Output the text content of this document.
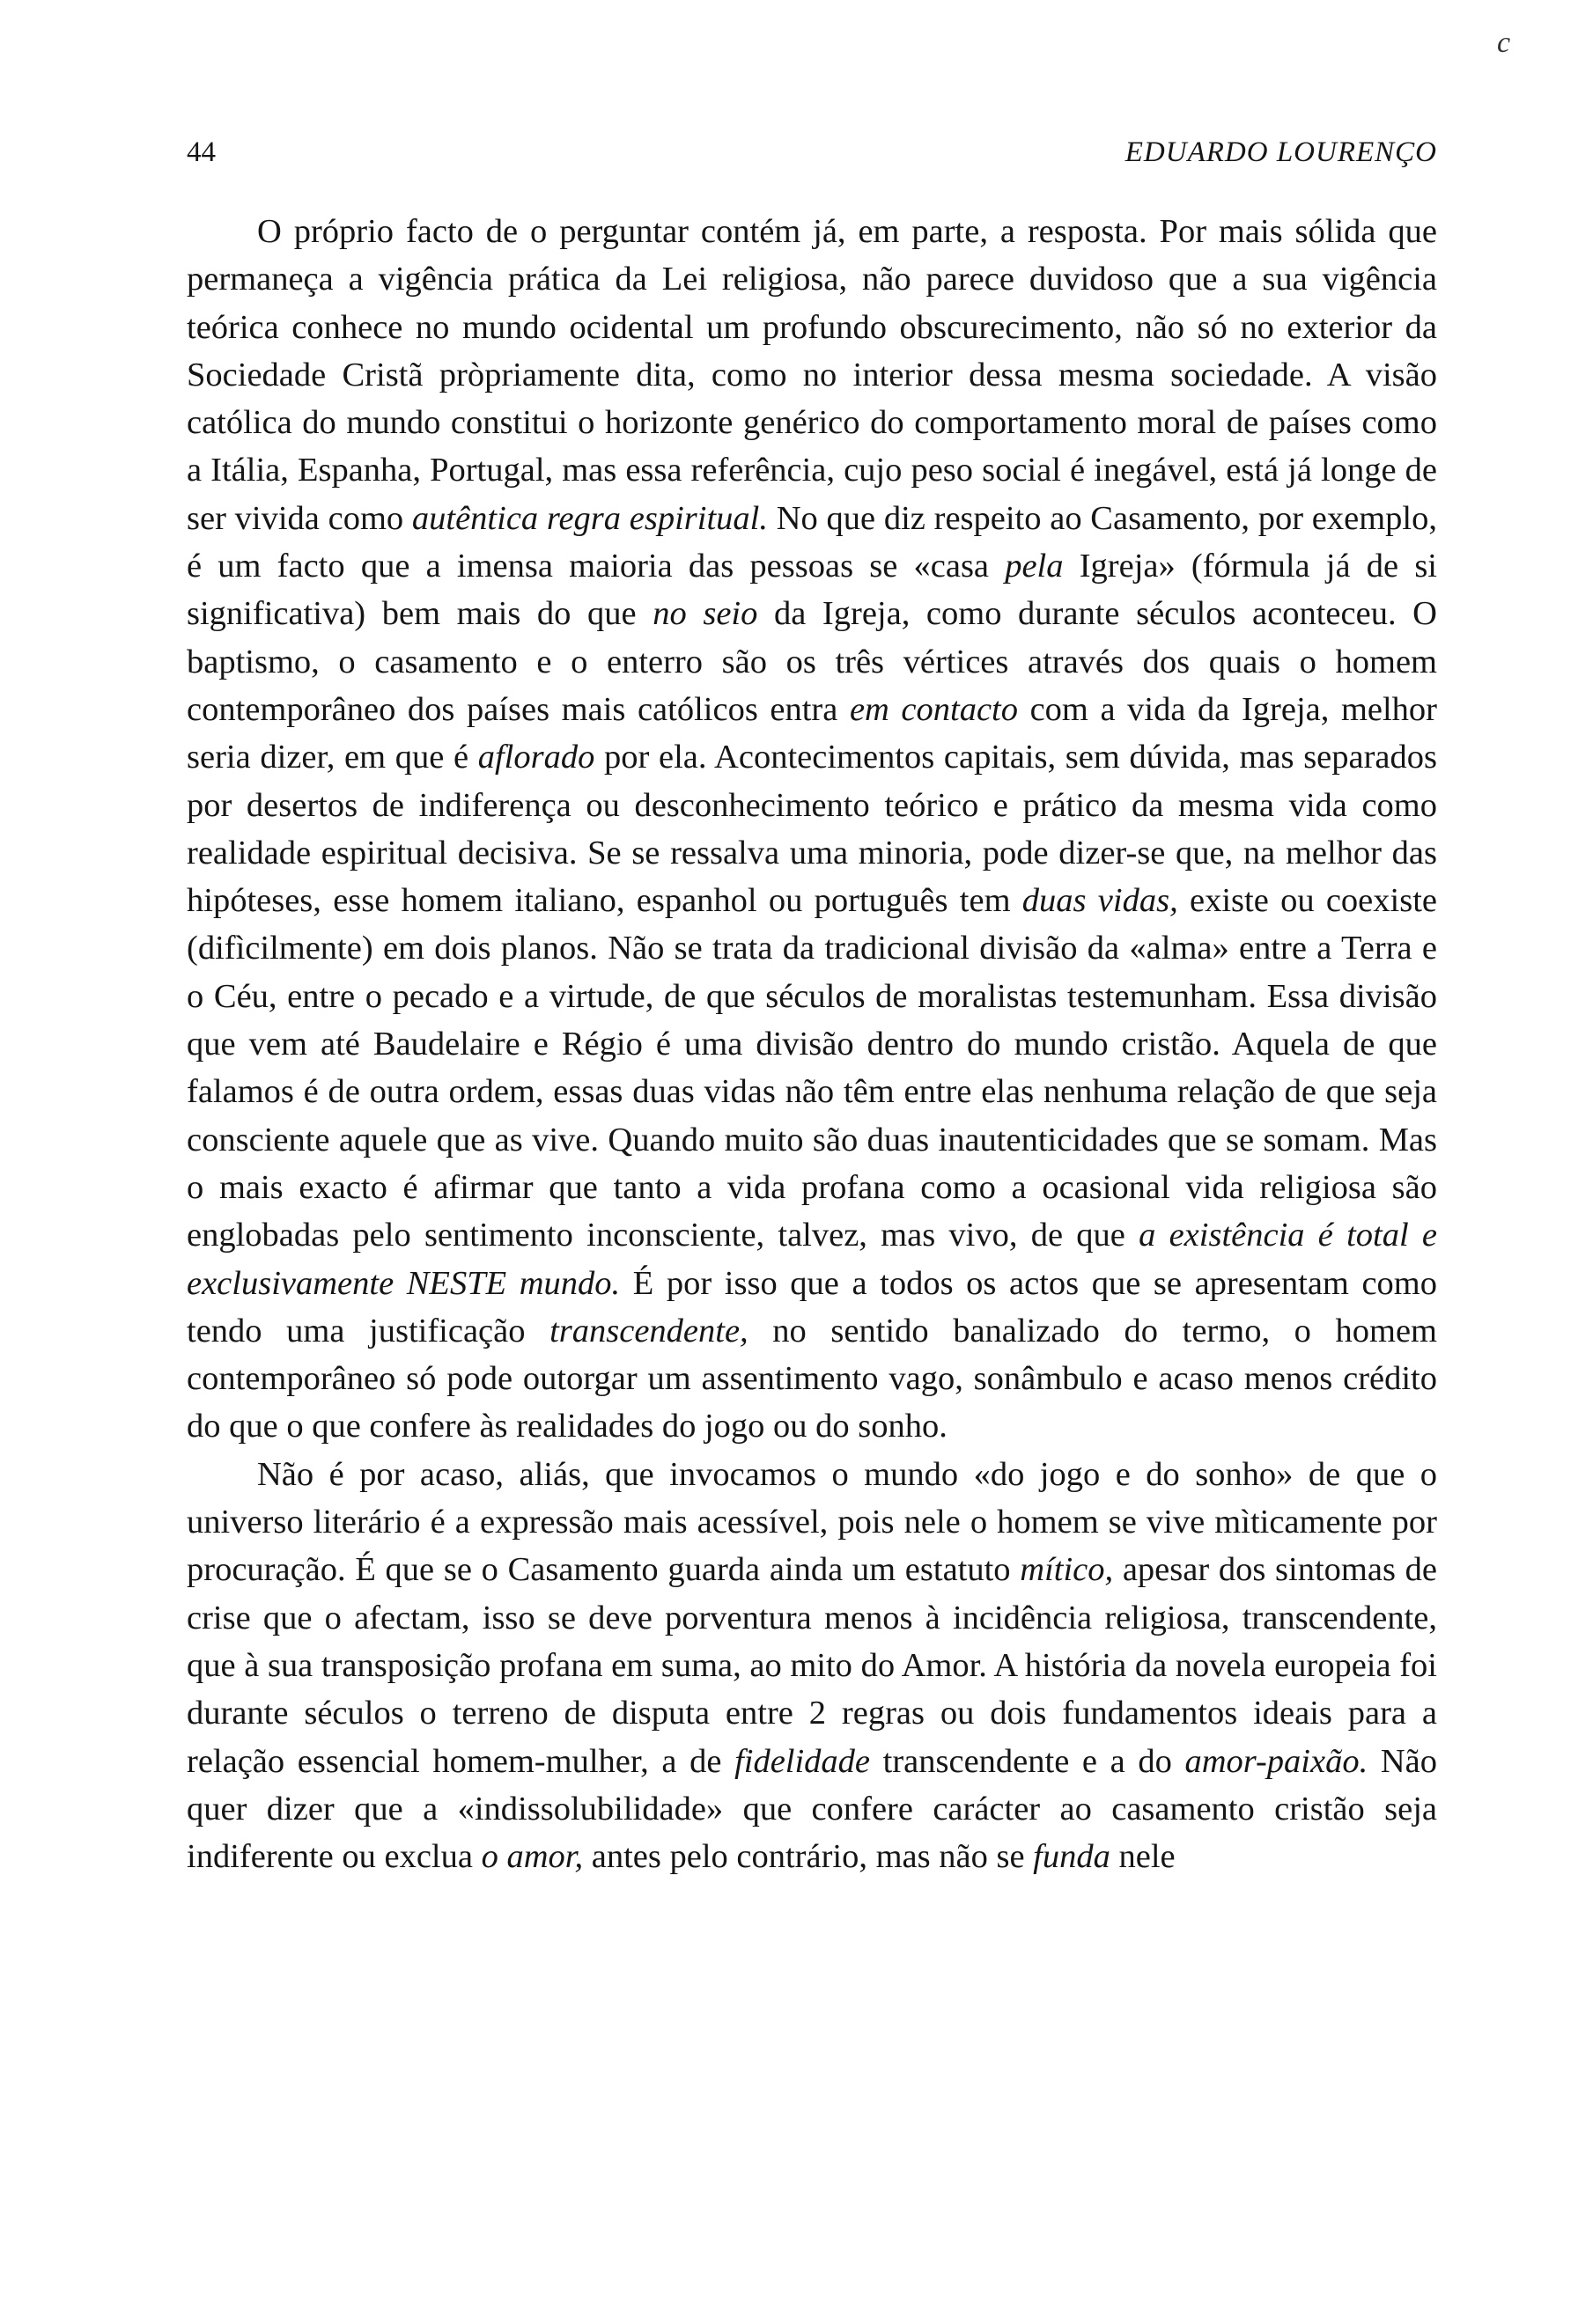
c
44	EDUARDO LOURENÇO

O próprio facto de o perguntar contém já, em parte, a resposta. Por mais sólida que permaneça a vigência prática da Lei religiosa, não parece duvidoso que a sua vigência teórica conhece no mundo ocidental um profundo obscurecimento, não só no exterior da Sociedade Cristã pròpriamente dita, como no interior dessa mesma sociedade. A visão católica do mundo constitui o horizonte genérico do comportamento moral de países como a Itália, Espanha, Portugal, mas essa referência, cujo peso social é inegável, está já longe de ser vivida como autêntica regra espiritual. No que diz respeito ao Casamento, por exemplo, é um facto que a imensa maioria das pessoas se «casa pela Igreja» (fórmula já de si significativa) bem mais do que no seio da Igreja, como durante séculos aconteceu. O baptismo, o casamento e o enterro são os três vértices através dos quais o homem contemporâneo dos países mais católicos entra em contacto com a vida da Igreja, melhor seria dizer, em que é aflorado por ela. Acontecimentos capitais, sem dúvida, mas separados por desertos de indiferença ou desconhecimento teórico e prático da mesma vida como realidade espiritual decisiva. Se se ressalva uma minoria, pode dizer-se que, na melhor das hipóteses, esse homem italiano, espanhol ou português tem duas vidas, existe ou coexiste (difìcilmente) em dois planos. Não se trata da tradicional divisão da «alma» entre a Terra e o Céu, entre o pecado e a virtude, de que séculos de moralistas testemunham. Essa divisão que vem até Baudelaire e Régio é uma divisão dentro do mundo cristão. Aquela de que falamos é de outra ordem, essas duas vidas não têm entre elas nenhuma relação de que seja consciente aquele que as vive. Quando muito são duas inautenticidades que se somam. Mas o mais exacto é afirmar que tanto a vida profana como a ocasional vida religiosa são englobadas pelo sentimento inconsciente, talvez, mas vivo, de que a existência é total e exclusivamente NESTE mundo. É por isso que a todos os actos que se apresentam como tendo uma justificação transcendente, no sentido banalizado do termo, o homem contemporâneo só pode outorgar um assentimento vago, sonâmbulo e acaso menos crédito do que o que confere às realidades do jogo ou do sonho.

Não é por acaso, aliás, que invocamos o mundo «do jogo e do sonho» de que o universo literário é a expressão mais acessível, pois nele o homem se vive mìticamente por procuração. É que se o Casamento guarda ainda um estatuto mítico, apesar dos sintomas de crise que o afectam, isso se deve porventura menos à incidência religiosa, transcendente, que à sua transposição profana em suma, ao mito do Amor. A história da novela europeia foi durante séculos o terreno de disputa entre 2 regras ou dois fundamentos ideais para a relação essencial homem-mulher, a de fidelidade transcendente e a do amor-paixão. Não quer dizer que a «indissolubilidade» que confere carácter ao casamento cristão seja indiferente ou exclua o amor, antes pelo contrário, mas não se funda nele
